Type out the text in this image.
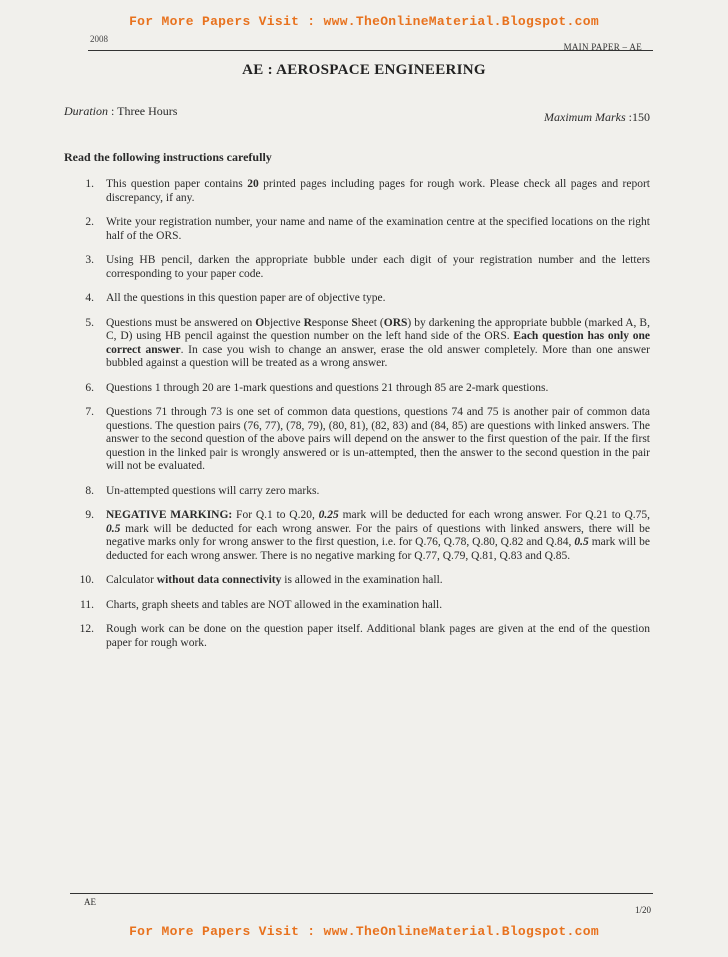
For More Papers Visit : www.TheOnlineMaterial.Blogspot.com
2008
MAIN PAPER – AE
AE : AEROSPACE ENGINEERING
Duration : Three Hours	Maximum Marks :150
Read the following instructions carefully
1. This question paper contains 20 printed pages including pages for rough work. Please check all pages and report discrepancy, if any.
2. Write your registration number, your name and name of the examination centre at the specified locations on the right half of the ORS.
3. Using HB pencil, darken the appropriate bubble under each digit of your registration number and the letters corresponding to your paper code.
4. All the questions in this question paper are of objective type.
5. Questions must be answered on Objective Response Sheet (ORS) by darkening the appropriate bubble (marked A, B, C, D) using HB pencil against the question number on the left hand side of the ORS. Each question has only one correct answer. In case you wish to change an answer, erase the old answer completely. More than one answer bubbled against a question will be treated as a wrong answer.
6. Questions 1 through 20 are 1-mark questions and questions 21 through 85 are 2-mark questions.
7. Questions 71 through 73 is one set of common data questions, questions 74 and 75 is another pair of common data questions. The question pairs (76, 77), (78, 79), (80, 81), (82, 83) and (84, 85) are questions with linked answers. The answer to the second question of the above pairs will depend on the answer to the first question of the pair. If the first question in the linked pair is wrongly answered or is un-attempted, then the answer to the second question in the pair will not be evaluated.
8. Un-attempted questions will carry zero marks.
9. NEGATIVE MARKING: For Q.1 to Q.20, 0.25 mark will be deducted for each wrong answer. For Q.21 to Q.75, 0.5 mark will be deducted for each wrong answer. For the pairs of questions with linked answers, there will be negative marks only for wrong answer to the first question, i.e. for Q.76, Q.78, Q.80, Q.82 and Q.84, 0.5 mark will be deducted for each wrong answer. There is no negative marking for Q.77, Q.79, Q.81, Q.83 and Q.85.
10. Calculator without data connectivity is allowed in the examination hall.
11. Charts, graph sheets and tables are NOT allowed in the examination hall.
12. Rough work can be done on the question paper itself. Additional blank pages are given at the end of the question paper for rough work.
AE
1/20
For More Papers Visit : www.TheOnlineMaterial.Blogspot.com
